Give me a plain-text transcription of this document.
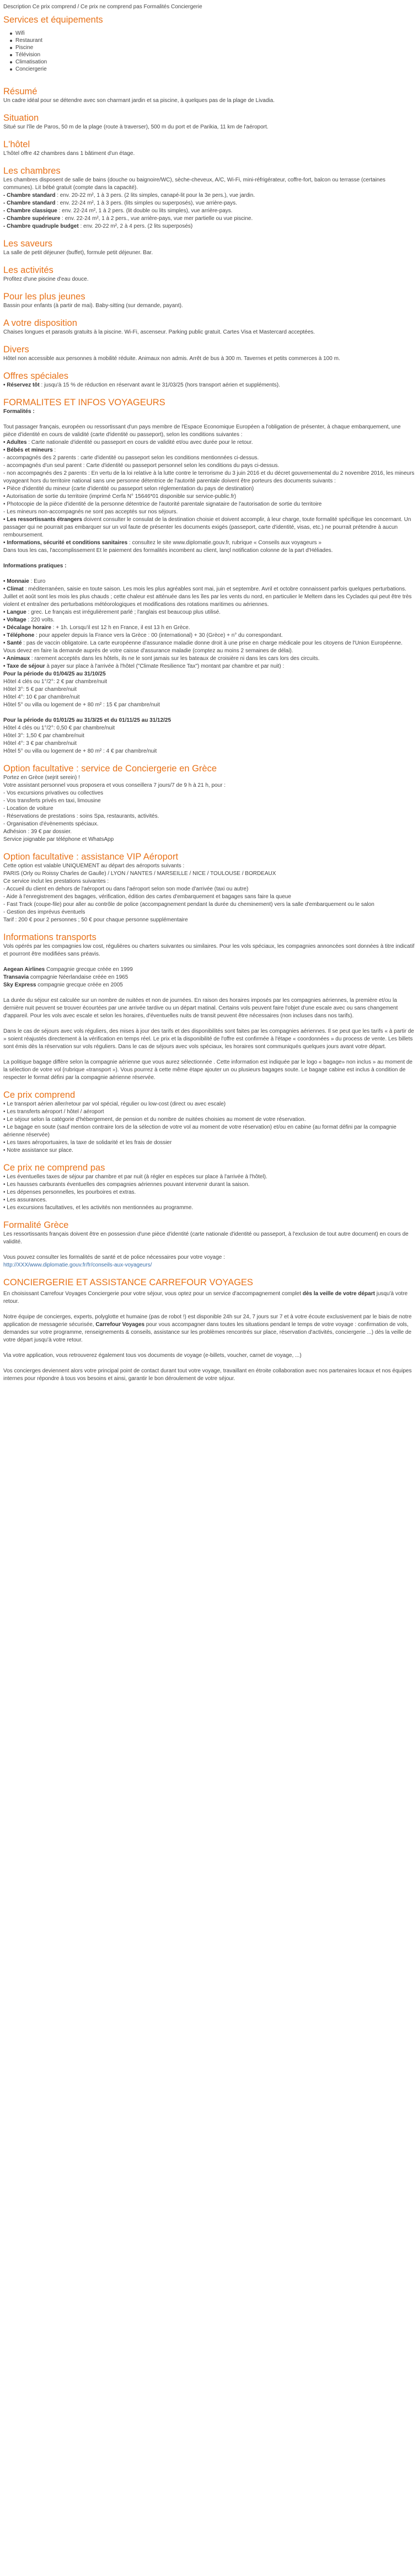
Description Ce prix comprend / Ce prix ne comprend pas Formalités Conciergerie
Services et équipements
Wifi
Restaurant
Piscine
Télévision
Climatisation
Conciergerie
Résumé

Un cadre idéal pour se détendre avec son charmant jardin et sa piscine, à quelques pas de la plage de Livadia.

Situation

Situé sur l'île de Paros, 50 m de la plage (route à traverser), 500 m du port et de Parikia, 11 km de l'aéroport.

L'hôtel

L'hôtel offre 42 chambres dans 1 bâtiment d'un étage.

Les chambres

Les chambres disposent de salle de bains (douche ou baignoire/WC), sèche-cheveux, A/C, Wi-Fi, mini-réfrigérateur, coffre-fort, balcon ou terrasse (certaines communes). Lit bébé gratuit (compte dans la capacité).

- Chambre standard : env. 20-22 m², 1 à 3 pers. (2 lits simples, canapé-lit pour la 3e pers.), vue jardin.

- Chambre standard : env. 22-24 m², 1 à 3 pers. (lits simples ou superposés), vue arrière-pays.

- Chambre classique : env. 22-24 m², 1 à 2 pers. (lit double ou lits simples), vue arrière-pays.

- Chambre supérieure : env. 22-24 m², 1 à 2 pers., vue arrière-pays, vue mer partielle ou vue piscine.

- Chambre quadruple budget : env. 20-22 m², 2 à 4 pers. (2 lits superposés)

Les saveurs

La salle de petit déjeuner (buffet), formule petit déjeuner. Bar.

Les activités

Profitez d'une piscine d'eau douce.

Pour les plus jeunes

Bassin pour enfants (à partir de mai). Baby-sitting (sur demande, payant).

A votre disposition

Chaises longues et parasols gratuits à la piscine. Wi-Fi, ascenseur. Parking public gratuit. Cartes Visa et Mastercard acceptées.

Divers

Hôtel non accessible aux personnes à mobilité réduite. Animaux non admis. Arrêt de bus à 300 m. Tavernes et petits commerces à 100 m.

Offres spéciales

• Réservez tôt : jusqu'à 15 % de réduction en réservant avant le 31/03/25 (hors transport aérien et suppléments).

FORMALITES ET INFOS VOYAGEURS

Formalités :

Tout passager français, européen ou ressortissant d'un pays membre de l'Espace Economique Européen a l'obligation de présenter, à chaque embarquement, une pièce d'identité en cours de validité (carte d'identité ou passeport), selon les conditions suivantes :

• Adultes : Carte nationale d'identité ou passeport en cours de validité et/ou avec durée pour le retour.

• Bébés et mineurs :

- accompagnés des 2 parents : carte d'identité ou passeport selon les conditions mentionnées ci-dessus.

- accompagnés d'un seul parent : Carte d'identité ou passeport personnel selon les conditions du pays ci-dessus.

- non accompagnés des 2 parents : En vertu de la loi relative à la lutte contre le terrorisme du 3 juin 2016 et du décret gouvernemental du 2 novembre 2016, les mineurs voyageant hors du territoire national sans une personne détentrice de l'autorité parentale doivent être porteurs des documents suivants :

• Pièce d'identité du mineur (carte d'identité ou passeport selon réglementation du pays de destination)

• Autorisation de sortie du territoire (imprimé Cerfa N° 15646*01 disponible sur service-public.fr)

• Photocopie de la pièce d'identité de la personne détentrice de l'autorité parentale signataire de l'autorisation de sortie du territoire

- Les mineurs non-accompagnés ne sont pas acceptés sur nos séjours.

• Les ressortissants étrangers doivent consulter le consulat de la destination choisie et doivent accomplir, à leur charge, toute formalité spécifique les concernant. Un passager qui ne pourrait pas embarquer sur un vol faute de présenter les documents exigés (passeport, carte d'identité, visas, etc.) ne pourrait prétendre à aucun remboursement.

• Informations, sécurité et conditions sanitaires : consultez le site www.diplomatie.gouv.fr, rubrique « Conseils aux voyageurs »

Dans tous les cas, l'accomplissement Et le paiement des formalités incombent au client, lançl notification colonne de la part d'Héliades.

Informations pratiques :

• Monnaie : Euro

• Climat : méditerranéen, saisie en toute saison. Les mois les plus agréables sont mai, juin et septembre. Avril et octobre connaissent parfois quelques perturbations. Juillet et août sont les mois les plus chauds ; cette chaleur est atténuée dans les îles par les vents du nord, en particulier le Meltem dans les Cyclades qui peut être très violent et entraîner des perturbations météorologiques et modifications des rotations maritimes ou aériennes.

• Langue : grec. Le français est irrégulièrement parlé ; l'anglais est beaucoup plus utilisé.

• Voltage : 220 volts.

• Décalage horaire : + 1h. Lorsqu'il est 12 h en France, il est 13 h en Grèce.

• Téléphone : pour appeler depuis la France vers la Grèce : 00 (international) + 30 (Grèce) + n° du correspondant.

• Santé : pas de vaccin obligatoire. La carte européenne d'assurance maladie donne droit à une prise en charge médicale pour les citoyens de l'Union Européenne. Vous devez en faire la demande auprès de votre caisse d'assurance maladie (comptez au moins 2 semaines de délai).

• Animaux : rarement acceptés dans les hôtels, ils ne le sont jamais sur les bateaux de croisière ni dans les cars lors des circuits.

• Taxe de séjour à payer sur place à l'arrivée à l'hôtel ("Climate Resilience Tax") montant par chambre et par nuit) :

Pour la période du 01/04/25 au 31/10/25

Hôtel 4 clés ou 1°/2°: 2 € par chambre/nuit

Hôtel 3°: 5 € par chambre/nuit

Hôtel 4°: 10 € par chambre/nuit

Hôtel 5° ou villa ou logement de + 80 m² : 15 € par chambre/nuit

Pour la période du 01/01/25 au 31/3/25 et du 01/11/25 au 31/12/25

Hôtel 4 clés ou 1°/2°: 0,50 € par chambre/nuit

Hôtel 3°: 1,50 € par chambre/nuit

Hôtel 4°: 3 € par chambre/nuit

Hôtel 5° ou villa ou logement de + 80 m² : 4 € par chambre/nuit

Option facultative : service de Conciergerie en Grèce

Portez en Grèce (sejrit serein) !

Votre assistant personnel vous proposera et vous conseillera 7 jours/7 de 9 h à 21 h, pour :

- Vos excursions privatives ou collectives

- Vos transferts privés en taxi, limousine

- Location de voiture

- Réservations de prestations : soins Spa, restaurants, activités.

- Organisation d'évènements spéciaux.

Adhésion : 39 € par dossier.

Service joignable par téléphone et WhatsApp

Option facultative : assistance VIP Aéroport

Cette option est valable UNIQUEMENT au départ des aéroports suivants :

PARIS (Orly ou Roissy Charles de Gaulle) / LYON / NANTES / MARSEILLE / NICE / TOULOUSE / BORDEAUX

Ce service inclut les prestations suivantes :

- Accueil du client en dehors de l'aéroport ou dans l'aéroport selon son mode d'arrivée (taxi ou autre)

- Aide à l'enregistrement des bagages, vérification, édition des cartes d'embarquement et bagages sans faire la queue

- Fast Track (coupe-file) pour aller au contrôle de police (accompagnement pendant la durée du cheminement) vers la salle d'embarquement ou le salon

- Gestion des imprévus éventuels

Tarif : 200 € pour 2 personnes ; 50 € pour chaque personne supplémentaire

Informations transports

Vols opérés par les compagnies low cost, régulières ou charters suivantes ou similaires. Pour les vols spéciaux, les compagnies annoncées sont données à titre indicatif et pourront être modifiées sans préavis.

Aegean Airlines Compagnie grecque créée en 1999

Transavia compagnie Néerlandaise créée en 1965

Sky Express compagnie grecque créée en 2005

La durée du séjour est calculée sur un nombre de nuitées et non de journées. En raison des horaires imposés par les compagnies aériennes, la première et/ou la dernière nuit peuvent se trouver écourtées par une arrivée tardive ou un départ matinal. Certains vols peuvent faire l'objet d'une escale avec ou sans changement d'appareil. Pour les vols avec escale et selon les horaires, d'éventuelles nuits de transit peuvent être nécessaires (non incluses dans nos tarifs).

Dans le cas de séjours avec vols réguliers, des mises à jour des tarifs et des disponibilités sont faites par les compagnies aériennes. Il se peut que les tarifs « à partir de » soient réajustés directement à la vérification en temps réel. Le prix et la disponibilité de l'offre est confirmée à l'étape « coordonnées » du process de vente. Les billets sont émis dès la réservation sur vols réguliers. Dans le cas de séjours avec vols spéciaux, les horaires sont communiqués quelques jours avant votre départ.

La politique bagage diffère selon la compagnie aérienne que vous aurez sélectionnée . Cette information est indiquée par le logo « bagage» non inclus » au moment de la sélection de votre vol (rubrique «transport »). Vous pourrez à cette même étape ajouter un ou plusieurs bagages soute. Le bagage cabine est inclus à condition de respecter le format défini par la compagnie aérienne réservée.

Ce prix comprend

• Le transport aérien aller/retour par vol spécial, régulier ou low-cost (direct ou avec escale)

• Les transferts aéroport / hôtel / aéroport

• Le séjour selon la catégorie d'hébergement, de pension et du nombre de nuitées choisies au moment de votre réservation.

• Le bagage en soute (sauf mention contraire lors de la sélection de votre vol au moment de votre réservation) et/ou en cabine (au format défini par la compagnie aérienne réservée)

• Les taxes aéroportuaires, la taxe de solidarité et les frais de dossier

• Notre assistance sur place.

Ce prix ne comprend pas

• Les éventuelles taxes de séjour par chambre et par nuit (à régler en espèces sur place à l'arrivée à l'hôtel).

• Les hausses carburants éventuelles des compagnies aériennes pouvant intervenir durant la saison.

• Les dépenses personnelles, les pourboires et extras.

• Les assurances.

• Les excursions facultatives, et les activités non mentionnées au programme.

Formalité Grèce

Les ressortissants français doivent être en possession d'une pièce d'identité (carte nationale d'identité ou passeport, à l'exclusion de tout autre document) en cours de validité.

Vous pouvez consulter les formalités de santé et de police nécessaires pour votre voyage :

http://XXX/www.diplomatie.gouv.fr/fr/conseils-aux-voyageurs/

CONCIERGERIE ET ASSISTANCE CARREFOUR VOYAGES

En choisissant Carrefour Voyages Conciergerie pour votre séjour, vous optez pour un service d'accompagnement complet dès la veille de votre départ jusqu'à votre retour.

Notre équipe de concierges, experts, polyglotte et humaine (pas de robot !) est disponible 24h sur 24, 7 jours sur 7 et à votre écoute exclusivement par le biais de notre application de messagerie sécurisée, Carrefour Voyages pour vous accompagner dans toutes les situations pendant le temps de votre voyage : confirmation de vols, demandes sur votre programme, renseignements & conseils, assistance sur les problèmes rencontrés sur place, réservation d'activités, conciergerie ...) dès la veille de votre départ jusqu'à votre retour.

Via votre application, vous retrouverez également tous vos documents de voyage (e-billets, voucher, carnet de voyage, ...)

Vos concierges deviennent alors votre principal point de contact durant tout votre voyage, travaillant en étroite collaboration avec nos partenaires locaux et nos équipes internes pour répondre à tous vos besoins et ainsi, garantir le bon déroulement de votre séjour.
